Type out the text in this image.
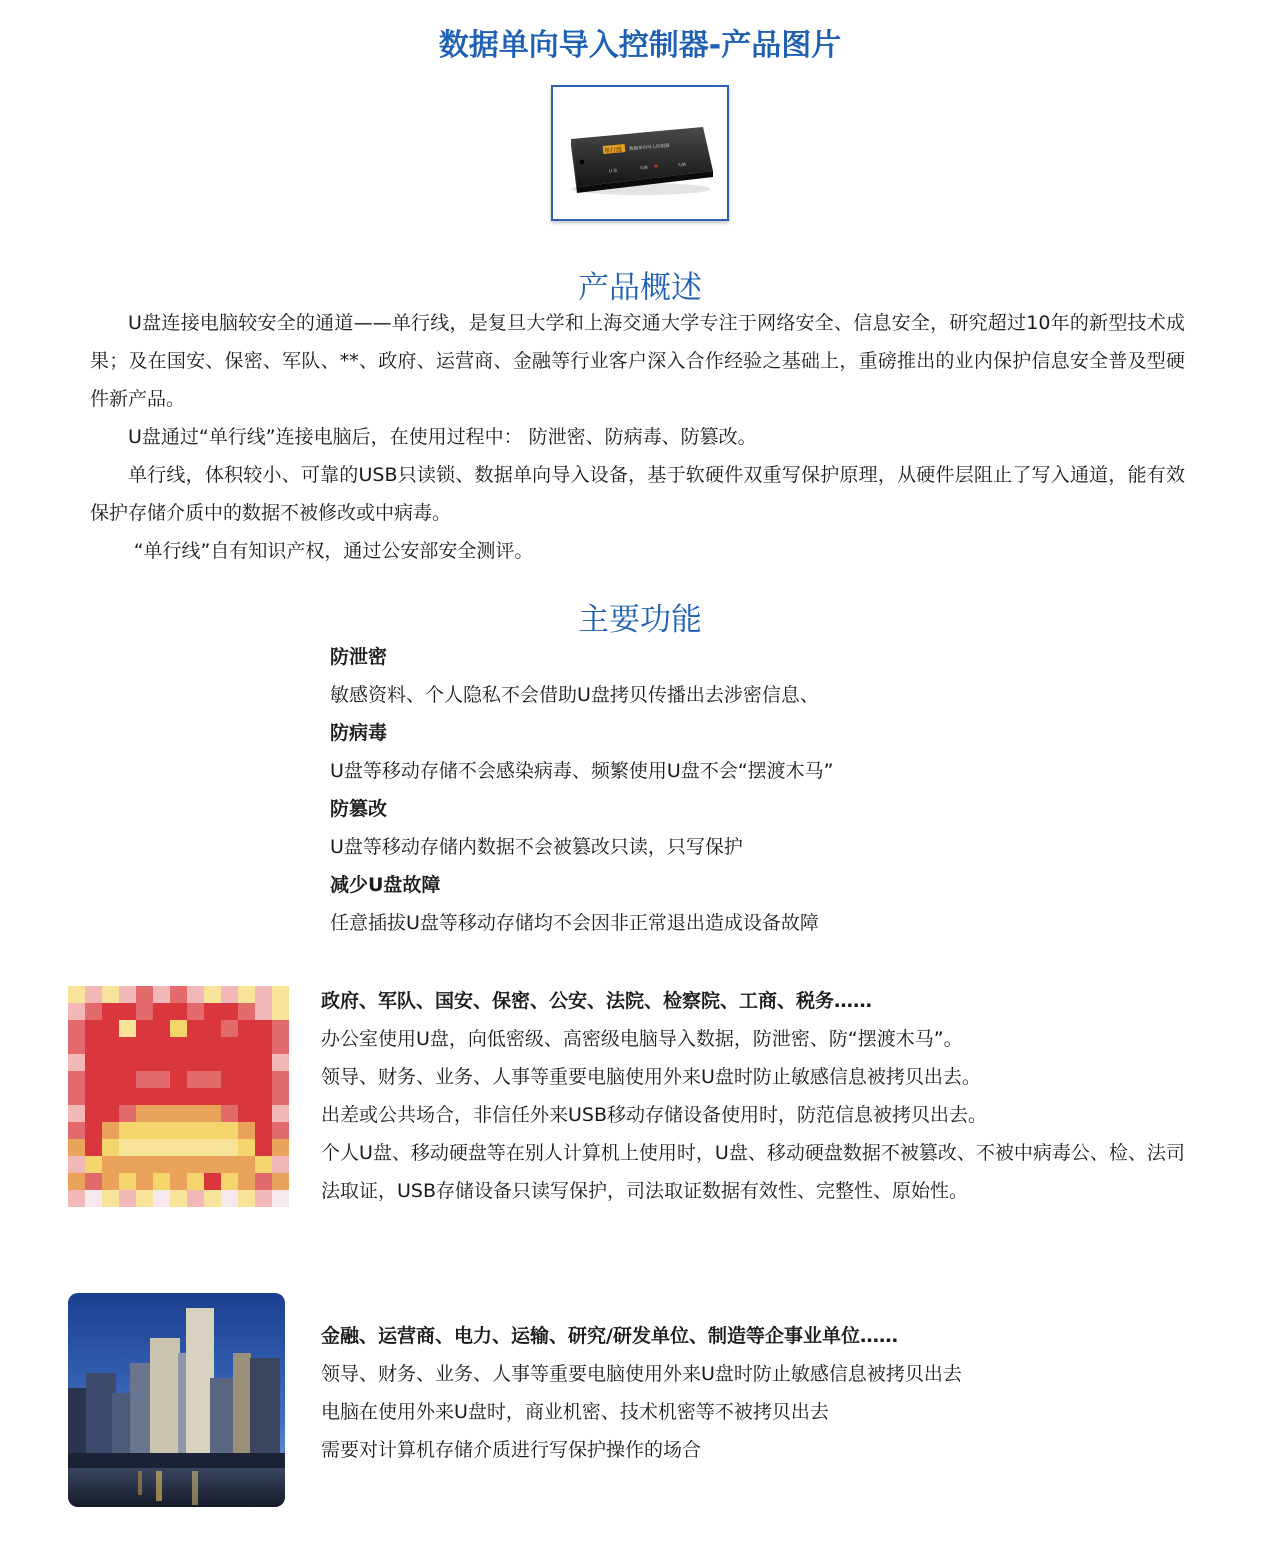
数据单向导入控制器-产品图片
单行线 数据单向导入控制器
U 盘
电脑
电脑
产品概述

U盘连接电脑较安全的通道——单行线，是复旦大学和上海交通大学专注于网络安全、信息安全，研究超过10年的新型技术成果；及在国安、保密、军队、**、政府、运营商、金融等行业客户深入合作经验之基础上，重磅推出的业内保护信息安全普及型硬件新产品。

U盘通过“单行线”连接电脑后，在使用过程中： 防泄密、防病毒、防篡改。

单行线，体积较小、可靠的USB只读锁、数据单向导入设备，基于软硬件双重写保护原理，从硬件层阻止了写入通道，能有效保护存储介质中的数据不被修改或中病毒。

“单行线”自有知识产权，通过公安部安全测评。

主要功能
防泄密
敏感资料、个人隐私不会借助U盘拷贝传播出去涉密信息、
防病毒
U盘等移动存储不会感染病毒、频繁使用U盘不会“摆渡木马”
防篡改
U盘等移动存储内数据不会被篡改只读，只写保护
减少U盘故障
任意插拔U盘等移动存储均不会因非正常退出造成设备故障
政府、军队、国安、保密、公安、法院、检察院、工商、税务……
办公室使用U盘，向低密级、高密级电脑导入数据，防泄密、防“摆渡木马”。
领导、财务、业务、人事等重要电脑使用外来U盘时防止敏感信息被拷贝出去。
出差或公共场合，非信任外来USB移动存储设备使用时，防范信息被拷贝出去。
个人U盘、移动硬盘等在别人计算机上使用时，U盘、移动硬盘数据不被篡改、不被中病毒公、检、法司法取证，USB存储设备只读写保护，司法取证数据有效性、完整性、原始性。
金融、运营商、电力、运输、研究/研发单位、制造等企事业单位……
领导、财务、业务、人事等重要电脑使用外来U盘时防止敏感信息被拷贝出去
电脑在使用外来U盘时，商业机密、技术机密等不被拷贝出去
需要对计算机存储介质进行写保护操作的场合
